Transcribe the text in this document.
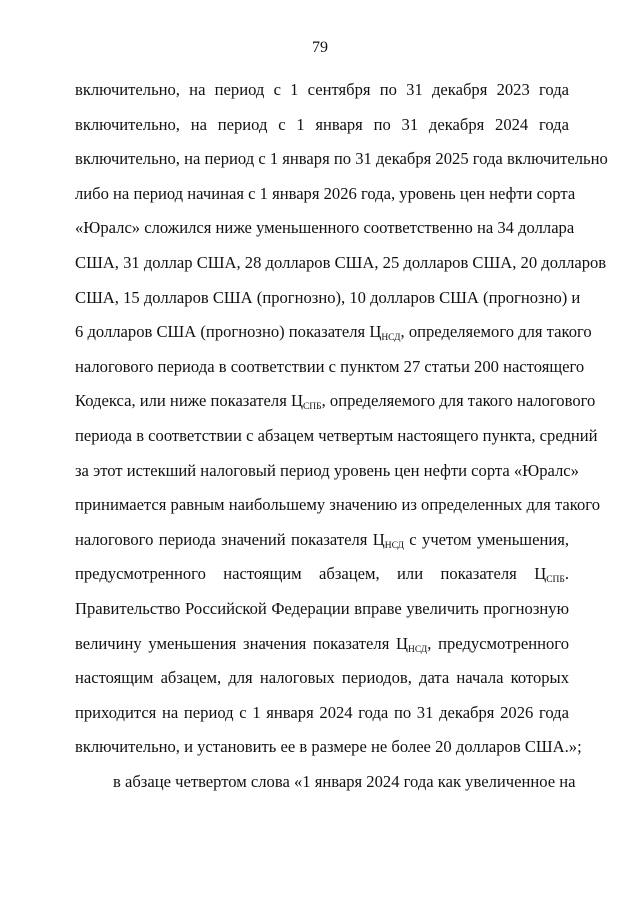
79
включительно, на период с 1 сентября по 31 декабря 2023 года
включительно, на период с 1 января по 31 декабря 2024 года
включительно, на период с 1 января по 31 декабря 2025 года включительно
либо на период начиная с 1 января 2026 года, уровень цен нефти сорта
«Юралс» сложился ниже уменьшенного соответственно на 34 доллара
США, 31 доллар США, 28 долларов США, 25 долларов США, 20 долларов
США, 15 долларов США (прогнозно), 10 долларов США (прогнозно) и
6 долларов США (прогнозно) показателя $Ц_{НСД}$, определяемого для такого
налогового периода в соответствии с пунктом 27 статьи 200 настоящего
Кодекса, или ниже показателя $Ц_{СПБ}$, определяемого для такого налогового
периода в соответствии с абзацем четвертым настоящего пункта, средний
за этот истекший налоговый период уровень цен нефти сорта «Юралс»
принимается равным наибольшему значению из определенных для такого
налогового периода значений показателя $Ц_{НСД}$ с учетом уменьшения,
предусмотренного настоящим абзацем, или показателя $Ц_{СПБ}$.
Правительство Российской Федерации вправе увеличить прогнозную
величину уменьшения значения показателя $Ц_{НСД}$, предусмотренного
настоящим абзацем, для налоговых периодов, дата начала которых
приходится на период с 1 января 2024 года по 31 декабря 2026 года
включительно, и установить ее в размере не более 20 долларов США.»;
в абзаце четвертом слова «1 января 2024 года как увеличенное на
